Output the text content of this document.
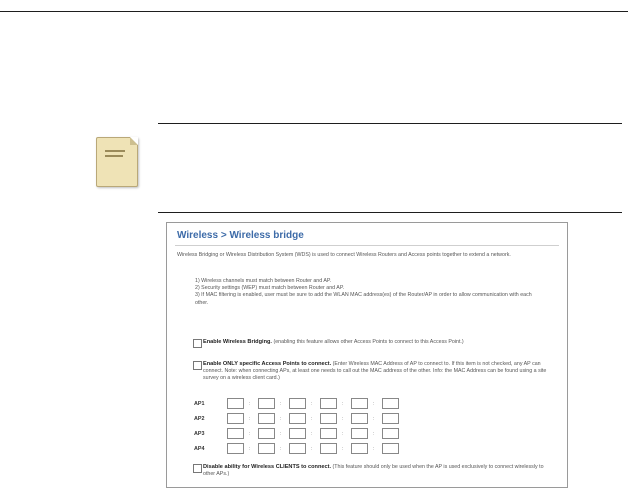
Wireless > Wireless bridge
Wireless Bridging or Wireless Distribution System (WDS) is used to connect Wireless Routers and Access points together to extend a network.
1) Wireless channels must match between Router and AP.
2) Security settings (WEP) must match between Router and AP.
3) If MAC filtering is enabled, user must be sure to add the WLAN MAC address(es) of the Router/AP in order to allow communication with each other.
Enable Wireless Bridging. (enabling this feature allows other Access Points to connect to this Access Point.)
Enable ONLY specific Access Points to connect. (Enter Wireless MAC Address of AP to connect to. If this item is not checked, any AP can connect. Note: when connecting APs, at least one needs to call out the MAC address of the other. Info: the MAC Address can be found using a site survey on a wireless client card.)
AP1	:	:	:	:	:
AP2	:	:	:	:	:
AP3	:	:	:	:	:
AP4	:	:	:	:	:
Disable ability for Wireless CLIENTS to connect. (This feature should only be used when the AP is used exclusively to connect wirelessly to other APs.)
